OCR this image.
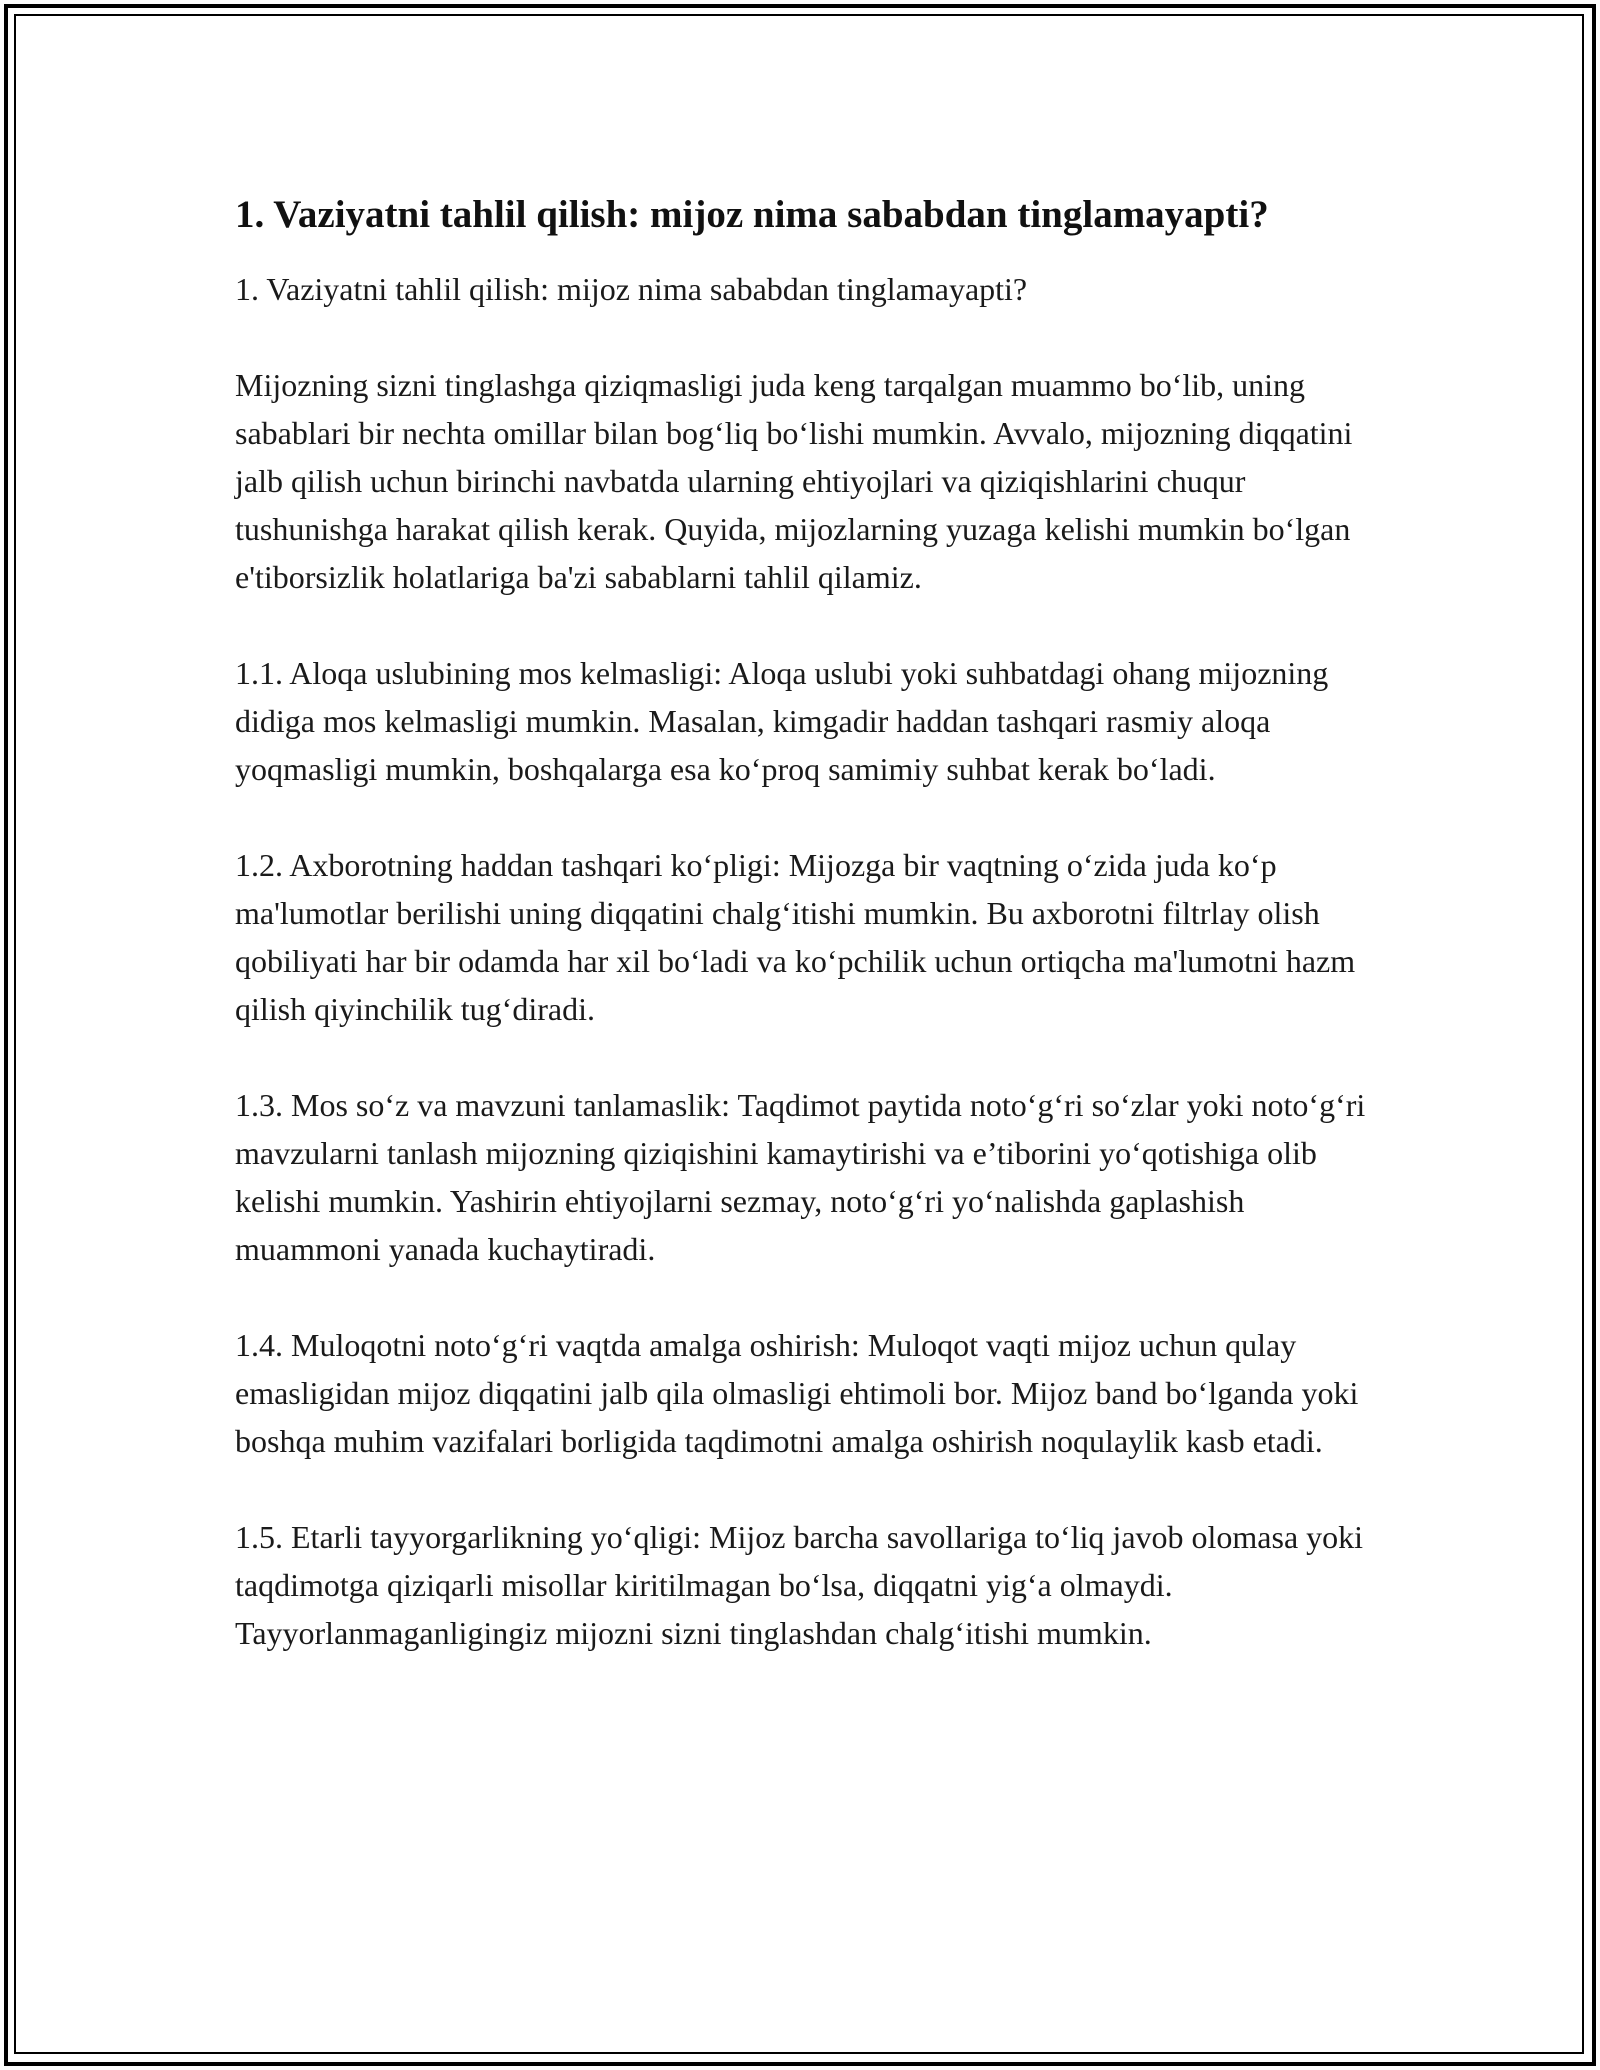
1. Vaziyatni tahlil qilish: mijoz nima sababdan tinglamayapti?

1. Vaziyatni tahlil qilish: mijoz nima sababdan tinglamayapti?

Mijozning sizni tinglashga qiziqmasligi juda keng tarqalgan muammo bo‘lib, uning sabablari bir nechta omillar bilan bog‘liq bo‘lishi mumkin. Avvalo, mijozning diqqatini jalb qilish uchun birinchi navbatda ularning ehtiyojlari va qiziqishlarini chuqur tushunishga harakat qilish kerak. Quyida, mijozlarning yuzaga kelishi mumkin bo‘lgan e'tiborsizlik holatlariga ba'zi sabablarni tahlil qilamiz.

1.1. Aloqa uslubining mos kelmasligi: Aloqa uslubi yoki suhbatdagi ohang mijozning didiga mos kelmasligi mumkin. Masalan, kimgadir haddan tashqari rasmiy aloqa yoqmasligi mumkin, boshqalarga esa ko‘proq samimiy suhbat kerak bo‘ladi.

1.2. Axborotning haddan tashqari ko‘pligi: Mijozga bir vaqtning o‘zida juda ko‘p ma'lumotlar berilishi uning diqqatini chalg‘itishi mumkin. Bu axborotni filtrlay olish qobiliyati har bir odamda har xil bo‘ladi va ko‘pchilik uchun ortiqcha ma'lumotni hazm qilish qiyinchilik tug‘diradi.

1.3. Mos so‘z va mavzuni tanlamaslik: Taqdimot paytida noto‘g‘ri so‘zlar yoki noto‘g‘ri mavzularni tanlash mijozning qiziqishini kamaytirishi va e’tiborini yo‘qotishiga olib kelishi mumkin. Yashirin ehtiyojlarni sezmay, noto‘g‘ri yo‘nalishda gaplashish muammoni yanada kuchaytiradi.

1.4. Muloqotni noto‘g‘ri vaqtda amalga oshirish: Muloqot vaqti mijoz uchun qulay emasligidan mijoz diqqatini jalb qila olmasligi ehtimoli bor. Mijoz band bo‘lganda yoki boshqa muhim vazifalari borligida taqdimotni amalga oshirish noqulaylik kasb etadi.

1.5. Etarli tayyorgarlikning yo‘qligi: Mijoz barcha savollariga to‘liq javob olomasa yoki taqdimotga qiziqarli misollar kiritilmagan bo‘lsa, diqqatni yig‘a olmaydi. Tayyorlanmaganligingiz mijozni sizni tinglashdan chalg‘itishi mumkin.
